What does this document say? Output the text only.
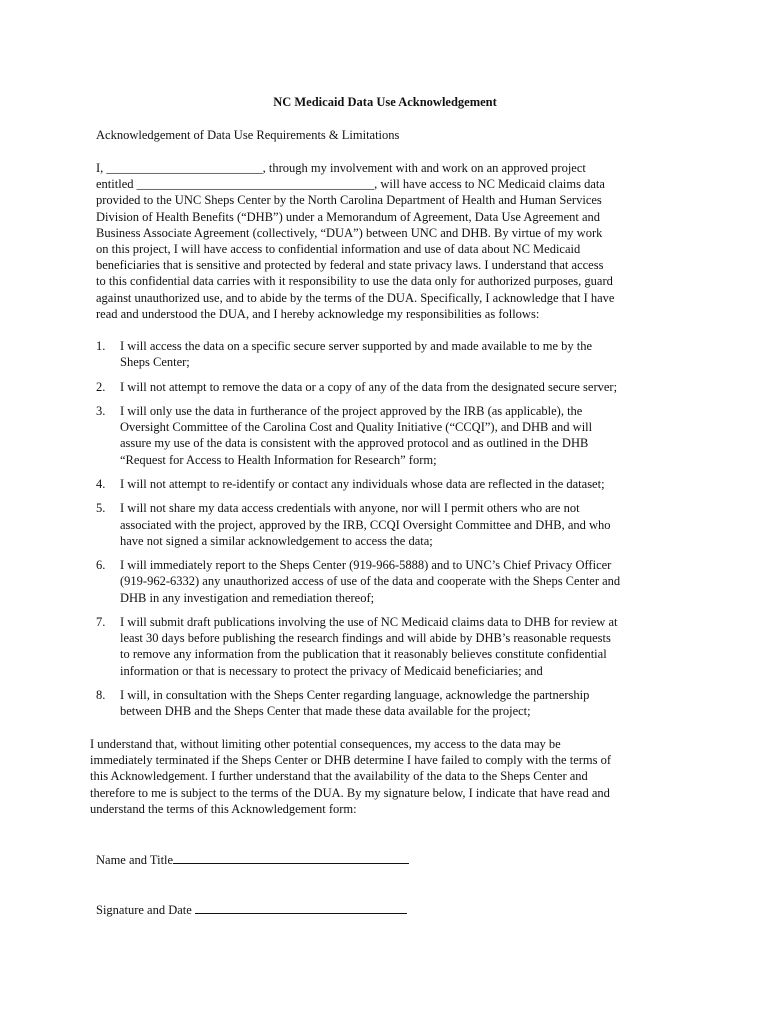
NC Medicaid Data Use Acknowledgement
Acknowledgement of Data Use Requirements & Limitations

I, _________________________, through my involvement with and work on an approved project
entitled ______________________________________, will have access to NC Medicaid claims data
provided to the UNC Sheps Center by the North Carolina Department of Health and Human Services
Division of Health Benefits (“DHB”) under a Memorandum of Agreement, Data Use Agreement and
Business Associate Agreement (collectively, “DUA”) between UNC and DHB. By virtue of my work
on this project, I will have access to confidential information and use of data about NC Medicaid
beneficiaries that is sensitive and protected by federal and state privacy laws. I understand that access
to this confidential data carries with it responsibility to use the data only for authorized purposes, guard
against unauthorized use, and to abide by the terms of the DUA. Specifically, I acknowledge that I have
read and understood the DUA, and I hereby acknowledge my responsibilities as follows:

1. I will access the data on a specific secure server supported by and made available to me by the
Sheps Center;
2. I will not attempt to remove the data or a copy of any of the data from the designated secure server;
3. I will only use the data in furtherance of the project approved by the IRB (as applicable), the
Oversight Committee of the Carolina Cost and Quality Initiative (“CCQI”), and DHB and will
assure my use of the data is consistent with the approved protocol and as outlined in the DHB
“Request for Access to Health Information for Research” form;
4. I will not attempt to re-identify or contact any individuals whose data are reflected in the dataset;
5. I will not share my data access credentials with anyone, nor will I permit others who are not
associated with the project, approved by the IRB, CCQI Oversight Committee and DHB, and who
have not signed a similar acknowledgement to access the data;
6. I will immediately report to the Sheps Center (919-966-5888) and to UNC’s Chief Privacy Officer
(919-962-6332) any unauthorized access of use of the data and cooperate with the Sheps Center and
DHB in any investigation and remediation thereof;
7. I will submit draft publications involving the use of NC Medicaid claims data to DHB for review at
least 30 days before publishing the research findings and will abide by DHB’s reasonable requests
to remove any information from the publication that it reasonably believes constitute confidential
information or that is necessary to protect the privacy of Medicaid beneficiaries; and
8. I will, in consultation with the Sheps Center regarding language, acknowledge the partnership
between DHB and the Sheps Center that made these data available for the project;

I understand that, without limiting other potential consequences, my access to the data may be
immediately terminated if the Sheps Center or DHB determine I have failed to comply with the terms of
this Acknowledgement. I further understand that the availability of the data to the Sheps Center and
therefore to me is subject to the terms of the DUA. By my signature below, I indicate that have read and
understand the terms of this Acknowledgement form:

Name and Title
Signature and Date
